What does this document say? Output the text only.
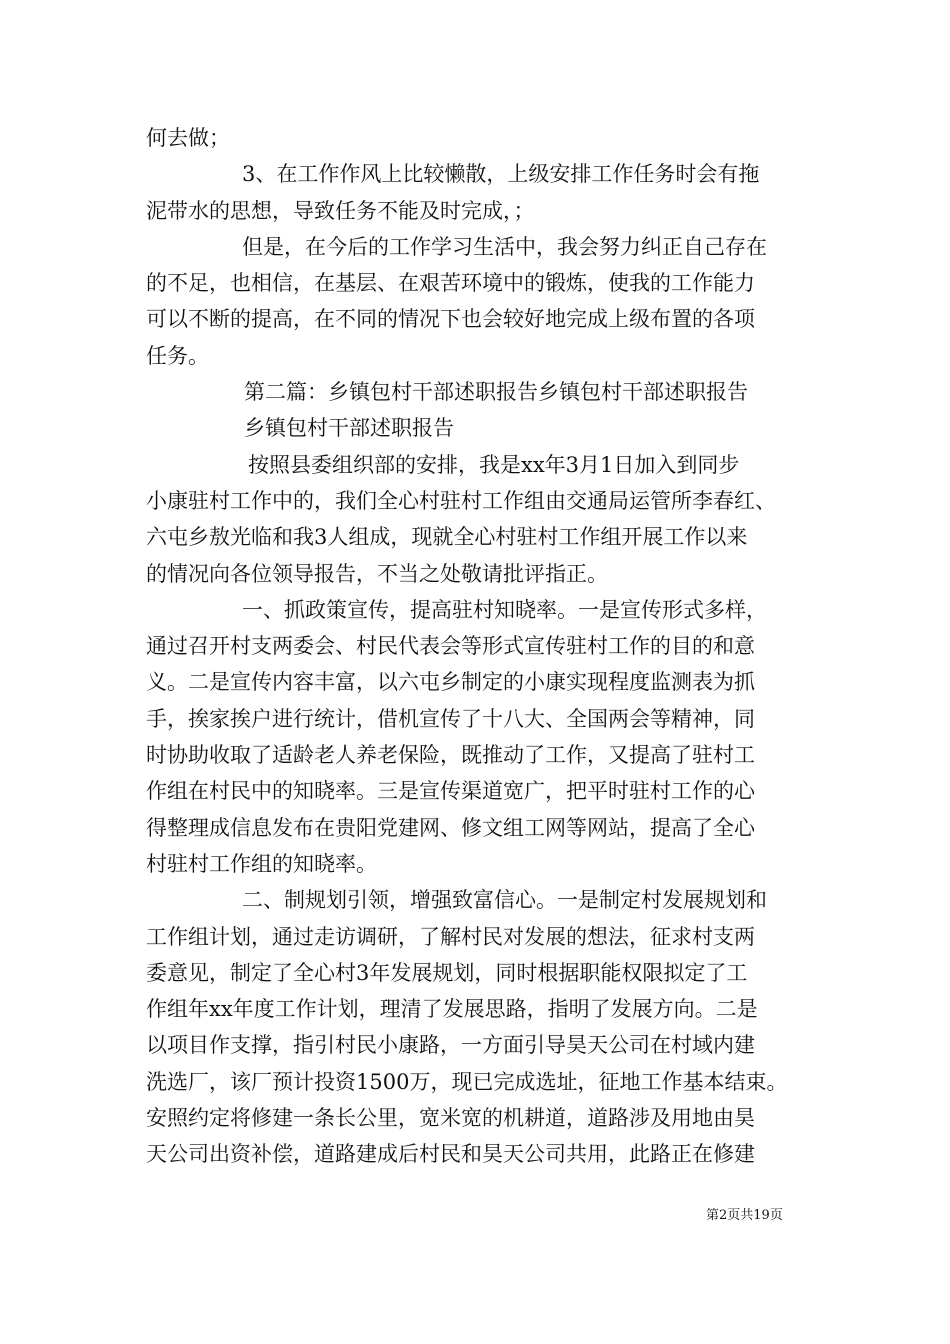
何去做；
3、在工作作风上比较懒散，上级安排工作任务时会有拖
泥带水的思想，导致任务不能及时完成，；
但是，在今后的工作学习生活中，我会努力纠正自己存在
的不足，也相信，在基层、在艰苦环境中的锻炼，使我的工作能力
可以不断的提高，在不同的情况下也会较好地完成上级布置的各项
任务。
第二篇：乡镇包村干部述职报告乡镇包村干部述职报告
乡镇包村干部述职报告
按照县委组织部的安排，我是xx年3月1日加入到同步
小康驻村工作中的，我们全心村驻村工作组由交通局运管所李春红、
六屯乡敖光临和我3人组成，现就全心村驻村工作组开展工作以来
的情况向各位领导报告，不当之处敬请批评指正。
一、抓政策宣传，提高驻村知晓率。一是宣传形式多样，
通过召开村支两委会、村民代表会等形式宣传驻村工作的目的和意
义。二是宣传内容丰富，以六屯乡制定的小康实现程度监测表为抓
手，挨家挨户进行统计，借机宣传了十八大、全国两会等精神，同
时协助收取了适龄老人养老保险，既推动了工作，又提高了驻村工
作组在村民中的知晓率。三是宣传渠道宽广，把平时驻村工作的心
得整理成信息发布在贵阳党建网、修文组工网等网站，提高了全心
村驻村工作组的知晓率。
二、制规划引领，增强致富信心。一是制定村发展规划和
工作组计划，通过走访调研，了解村民对发展的想法，征求村支两
委意见，制定了全心村3年发展规划，同时根据职能权限拟定了工
作组年xx年度工作计划，理清了发展思路，指明了发展方向。二是
以项目作支撑，指引村民小康路，一方面引导昊天公司在村域内建
洗选厂，该厂预计投资1500万，现已完成选址，征地工作基本结束。
安照约定将修建一条长公里，宽米宽的机耕道，道路涉及用地由昊
天公司出资补偿，道路建成后村民和昊天公司共用，此路正在修建
第2页共19页
